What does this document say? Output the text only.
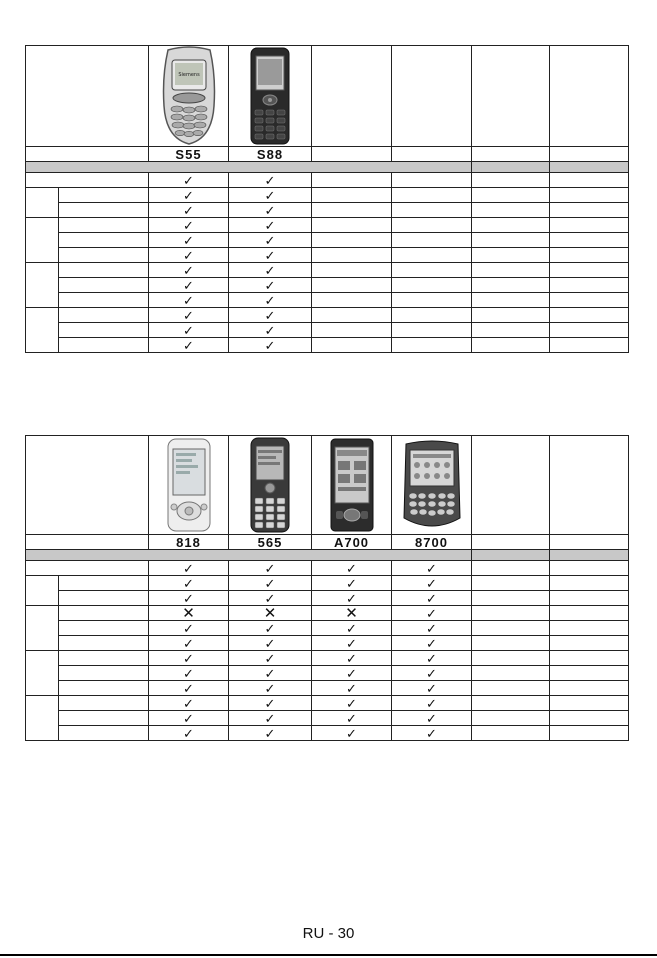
Siemens

		S55	S88				

		✓	✓				
		✓	✓				
		✓	✓				
		✓	✓				
		✓	✓				
		✓	✓				
		✓	✓				
		✓	✓				
		✓	✓				
		✓	✓				
		✓	✓				
		✓	✓				

		818	565	A700	8700		

		✓	✓	✓	✓		
		✓	✓	✓	✓		
		✓	✓	✓	✓		
		✕	✕	✕	✓		
		✓	✓	✓	✓		
		✓	✓	✓	✓		
		✓	✓	✓	✓		
		✓	✓	✓	✓		
		✓	✓	✓	✓		
		✓	✓	✓	✓		
		✓	✓	✓	✓		
		✓	✓	✓	✓		
RU - 30
